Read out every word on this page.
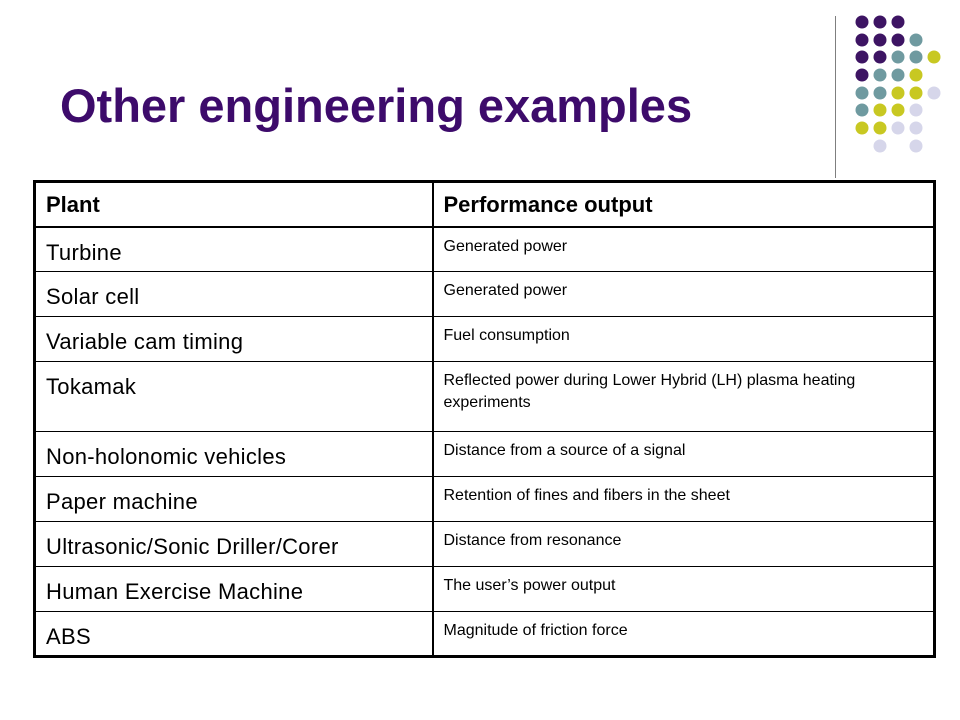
Other engineering examples
Plant	Performance output
Turbine	Generated power
Solar cell	Generated power
Variable cam timing	Fuel consumption
Tokamak	Reflected power during Lower Hybrid (LH) plasma heating experiments
Non-holonomic vehicles	Distance from a source of a signal
Paper machine	Retention of fines and fibers in the sheet
Ultrasonic/Sonic Driller/Corer	Distance from resonance
Human Exercise Machine	The user’s power output
ABS	Magnitude of friction force
